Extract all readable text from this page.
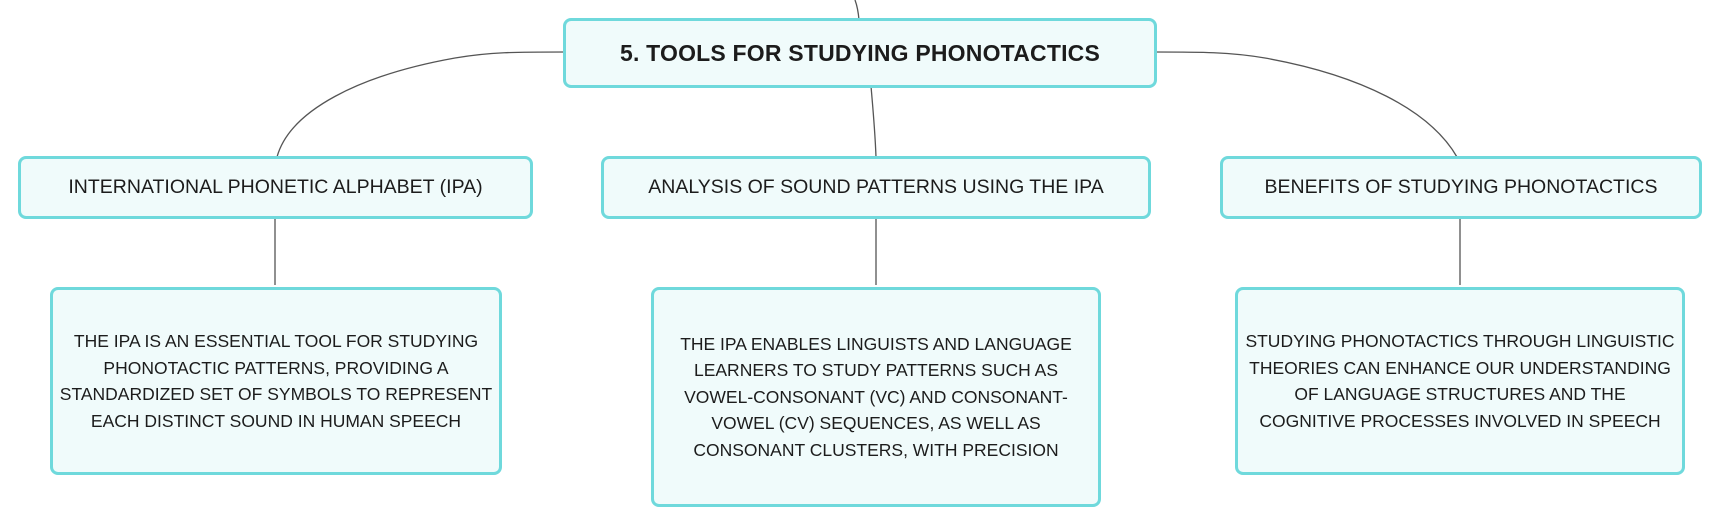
5. TOOLS FOR STUDYING PHONOTACTICS
INTERNATIONAL PHONETIC ALPHABET (IPA)	ANALYSIS OF SOUND PATTERNS USING THE IPA	BENEFITS OF STUDYING PHONOTACTICS
THE IPA IS AN ESSENTIAL TOOL FOR STUDYING PHONOTACTIC PATTERNS, PROVIDING A STANDARDIZED SET OF SYMBOLS TO REPRESENT EACH DISTINCT SOUND IN HUMAN SPEECH
THE IPA ENABLES LINGUISTS AND LANGUAGE LEARNERS TO STUDY PATTERNS SUCH AS VOWEL-CONSONANT (VC) AND CONSONANT-VOWEL (CV) SEQUENCES, AS WELL AS CONSONANT CLUSTERS, WITH PRECISION
STUDYING PHONOTACTICS THROUGH LINGUISTIC THEORIES CAN ENHANCE OUR UNDERSTANDING OF LANGUAGE STRUCTURES AND THE COGNITIVE PROCESSES INVOLVED IN SPEECH
